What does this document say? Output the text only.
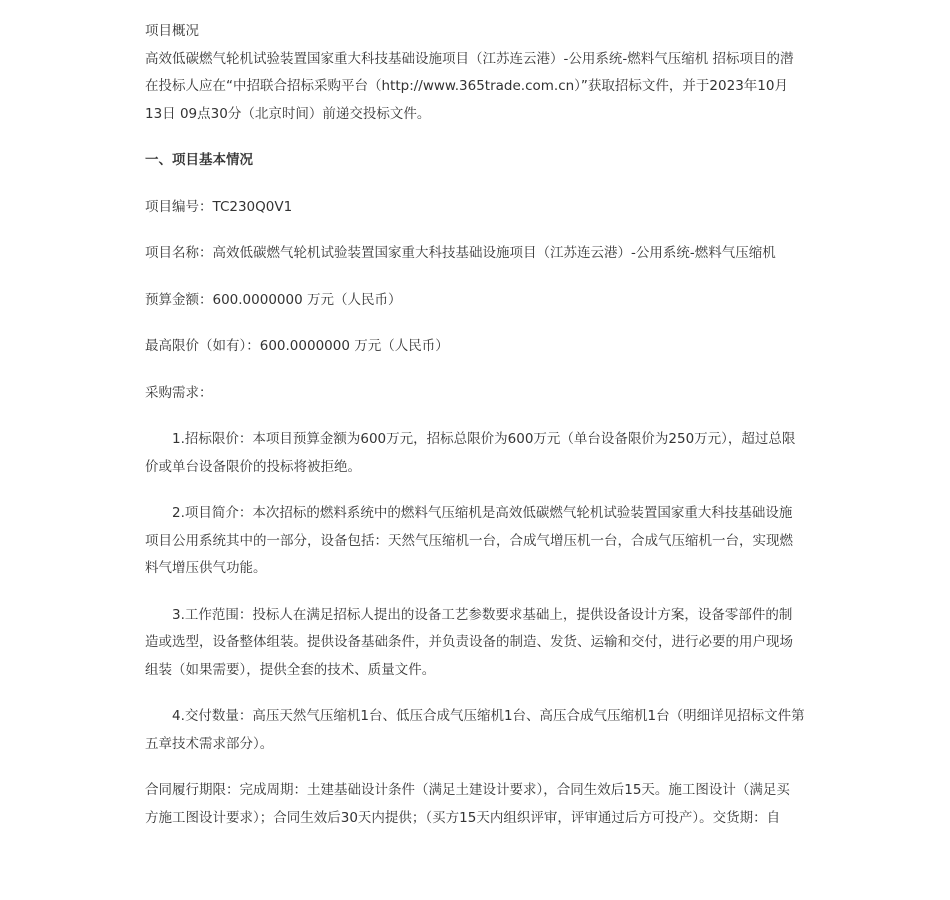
项目概况
高效低碳燃气轮机试验装置国家重大科技基础设施项目（江苏连云港）-公用系统-燃料气压缩机 招标项目的潜
在投标人应在“中招联合招标采购平台（http://www.365trade.com.cn）”获取招标文件，并于2023年10月
13日 09点30分（北京时间）前递交投标文件。
一、项目基本情况
项目编号：TC230Q0V1
项目名称：高效低碳燃气轮机试验装置国家重大科技基础设施项目（江苏连云港）-公用系统-燃料气压缩机
预算金额：600.0000000 万元（人民币）
最高限价（如有）：600.0000000 万元（人民币）
采购需求：
1.招标限价：本项目预算金额为600万元，招标总限价为600万元（单台设备限价为250万元），超过总限
价或单台设备限价的投标将被拒绝。
2.项目简介：本次招标的燃料系统中的燃料气压缩机是高效低碳燃气轮机试验装置国家重大科技基础设施
项目公用系统其中的一部分，设备包括：天然气压缩机一台，合成气增压机一台，合成气压缩机一台，实现燃
料气增压供气功能。
3.工作范围：投标人在满足招标人提出的设备工艺参数要求基础上，提供设备设计方案，设备零部件的制
造或选型，设备整体组装。提供设备基础条件，并负责设备的制造、发货、运输和交付，进行必要的用户现场
组装（如果需要），提供全套的技术、质量文件。
4.交付数量：高压天然气压缩机1台、低压合成气压缩机1台、高压合成气压缩机1台（明细详见招标文件第
五章技术需求部分）。
合同履行期限：完成周期：土建基础设计条件（满足土建设计要求），合同生效后15天。施工图设计（满足买
方施工图设计要求）；合同生效后30天内提供；（买方15天内组织评审，评审通过后方可投产）。交货期：自
